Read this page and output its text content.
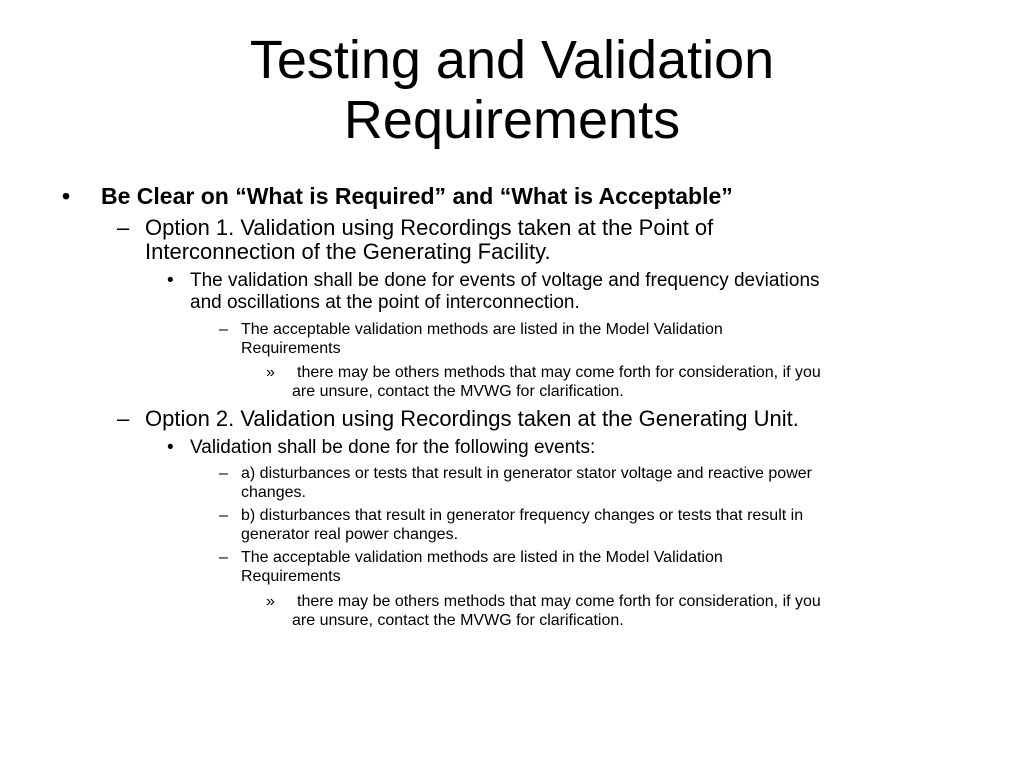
Testing and Validation
Requirements
• Be Clear on “What is Required” and “What is Acceptable”
– Option 1. Validation using Recordings taken at the Point of
Interconnection of the Generating Facility.
• The validation shall be done for events of voltage and frequency deviations
and oscillations at the point of interconnection.
– The acceptable validation methods are listed in the Model Validation
Requirements
» there may be others methods that may come forth for consideration, if you
are unsure, contact the MVWG for clarification.
– Option 2. Validation using Recordings taken at the Generating Unit.
• Validation shall be done for the following events:
– a) disturbances or tests that result in generator stator voltage and reactive power
changes.
– b) disturbances that result in generator frequency changes or tests that result in
generator real power changes.
– The acceptable validation methods are listed in the Model Validation
Requirements
» there may be others methods that may come forth for consideration, if you
are unsure, contact the MVWG for clarification.
